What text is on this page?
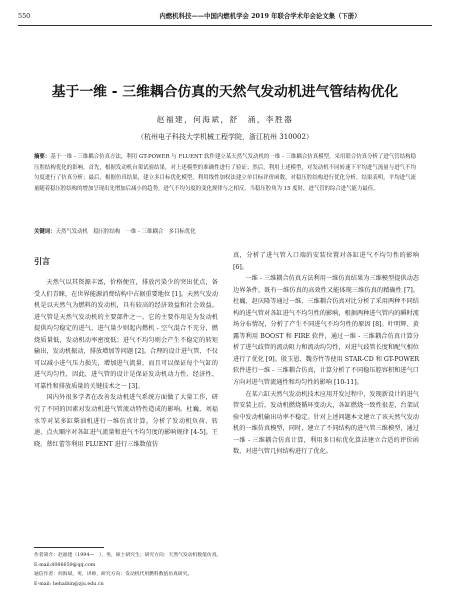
550	内燃机科技——中国内燃机学会 2019 年联合学术年会论文集（下册）
基于一维 - 三维耦合仿真的天然气发动机进气管结构优化
赵福建，何海斌，舒　涌，李胜器
（杭州电子科技大学机械工程学院，浙江杭州 310002）
摘要：基于一维 - 三维耦合仿真方法，利用 GT-POWER 与 FLUENT 软件建立某天然气发动机的一维 - 三维耦合仿真模型，采用联合仿真分析了进气管结构稳压腔结构优化的影响。首先，根据发动机台架试验结果，对上述模型的准确性进行了验证；然后，利用上述模型，对发动机不同转速下平均进气流量与进气不均匀度进行了仿真分析；最后，根据仿真结果，建立多目标优化模型，利用线性加权法建立单目标评价函数，对稳压腔结构进行优化分析，结果表明，平均进气流量随着稳压腔结构的增加呈现出先增加后减小的趋势，进气不均匀度的变化规律与之相反，当稳压腔角为 15 度时，进气管的综合进气能力最佳。
关键词：天然气发动机　稳压腔结构　一维 - 三维耦合　多目标优化
引言

天然气以其资源丰富，价格便宜，排放污染少的突出优点，备受人们青睐，在世界能源消费结构中占据重要地位 [1]。天然气发动机是以天然气为燃料的发动机，具有较高的经济效益和社会效益。进气管是天然气发动机的主要部件之一。它的主要作用是为发动机提供均匀稳定的进气，进气量少则起内燃机 - 空气混合不充分，燃烧质量低，发动机动率密度低；进气不均匀则会产生不稳定的转矩输出，发动机振动，排放增加等问题 [2]。合理的设计进气管，不仅可以减小进气压力损失，增加进气流量，而且可以保证每个气缸的进气均匀性，因此，进气管的设计是保证发动机动力性、经济性、可靠性和排放质量的关键技术之一 [3]。

国内外很多学者在改善发动机进气系统方面做了大量工作，研究了不同的因素对发动机进气管流动特性造成的影响。杜巍、刘福水等对某多缸柴油机进行一维仿真计算，分析了发动机负荷、转速、点火顺序对各缸进气流量和进气不均匀度的影响规律 [4-5]。王晓、蔡红蕾等利用 FLUENT 进行三维数值仿

真，分析了进气管入口端的安装位置对各缸进气不均匀性的影响 [6]。

一维 - 三维耦合仿真方法利用一维仿真结果为三维模型提供动态边界条件，既有一维仿真的高效性又能体现三维仿真的精确性 [7]。杜巍、赵庆隆等通过一维、三维耦合仿真对比分析了采用两种不同结构的进气管对各缸进气不均匀性的影响，根据两种进气管内的瞬时流场分布情况，分析了产生不同进气不均匀性的原因 [8]。叶明辉、黄露等利用 BOOST 和 FIRE 软件，通过一维 - 三维耦合仿真计算分析了进气歧管的流动阻力和流动均匀性，对进气歧管长度和配气相位进行了优化 [9]。殷玉恩、魏芬竹等使用 STAR-CD 和 GT-POWER 软件进行一维 - 三维耦合仿真，计算分析了不同稳压腔容积和进气口方向对进气管流通性和均匀性的影响 [10-11]。

在某六缸天然气发动机技术应用开发过程中，发现新设计的进气管安装上后，发动机燃烧循环变动大，各缸燃烧一致性很差，台架试验中发动机输出功率不稳定。针对上述问题本文建立了该天然气发动机的一维仿真模型，同时，建立了不同结构的进气管三维模型，通过一维 - 三维耦合仿真计算，利用多目标优化算法建立合适的评价函数，对进气管几何结构进行了优化。

作者简介：赵福建（1994—　），男，硕士研究生；研究方向：天然气发动机数值仿真。
E-mail:8086659@qq.com
通信作者：何海斌，男，讲师，研究方向：发动机代用燃料数值仿真研究。
E-mail: hehaibin@zju.edu.cn
